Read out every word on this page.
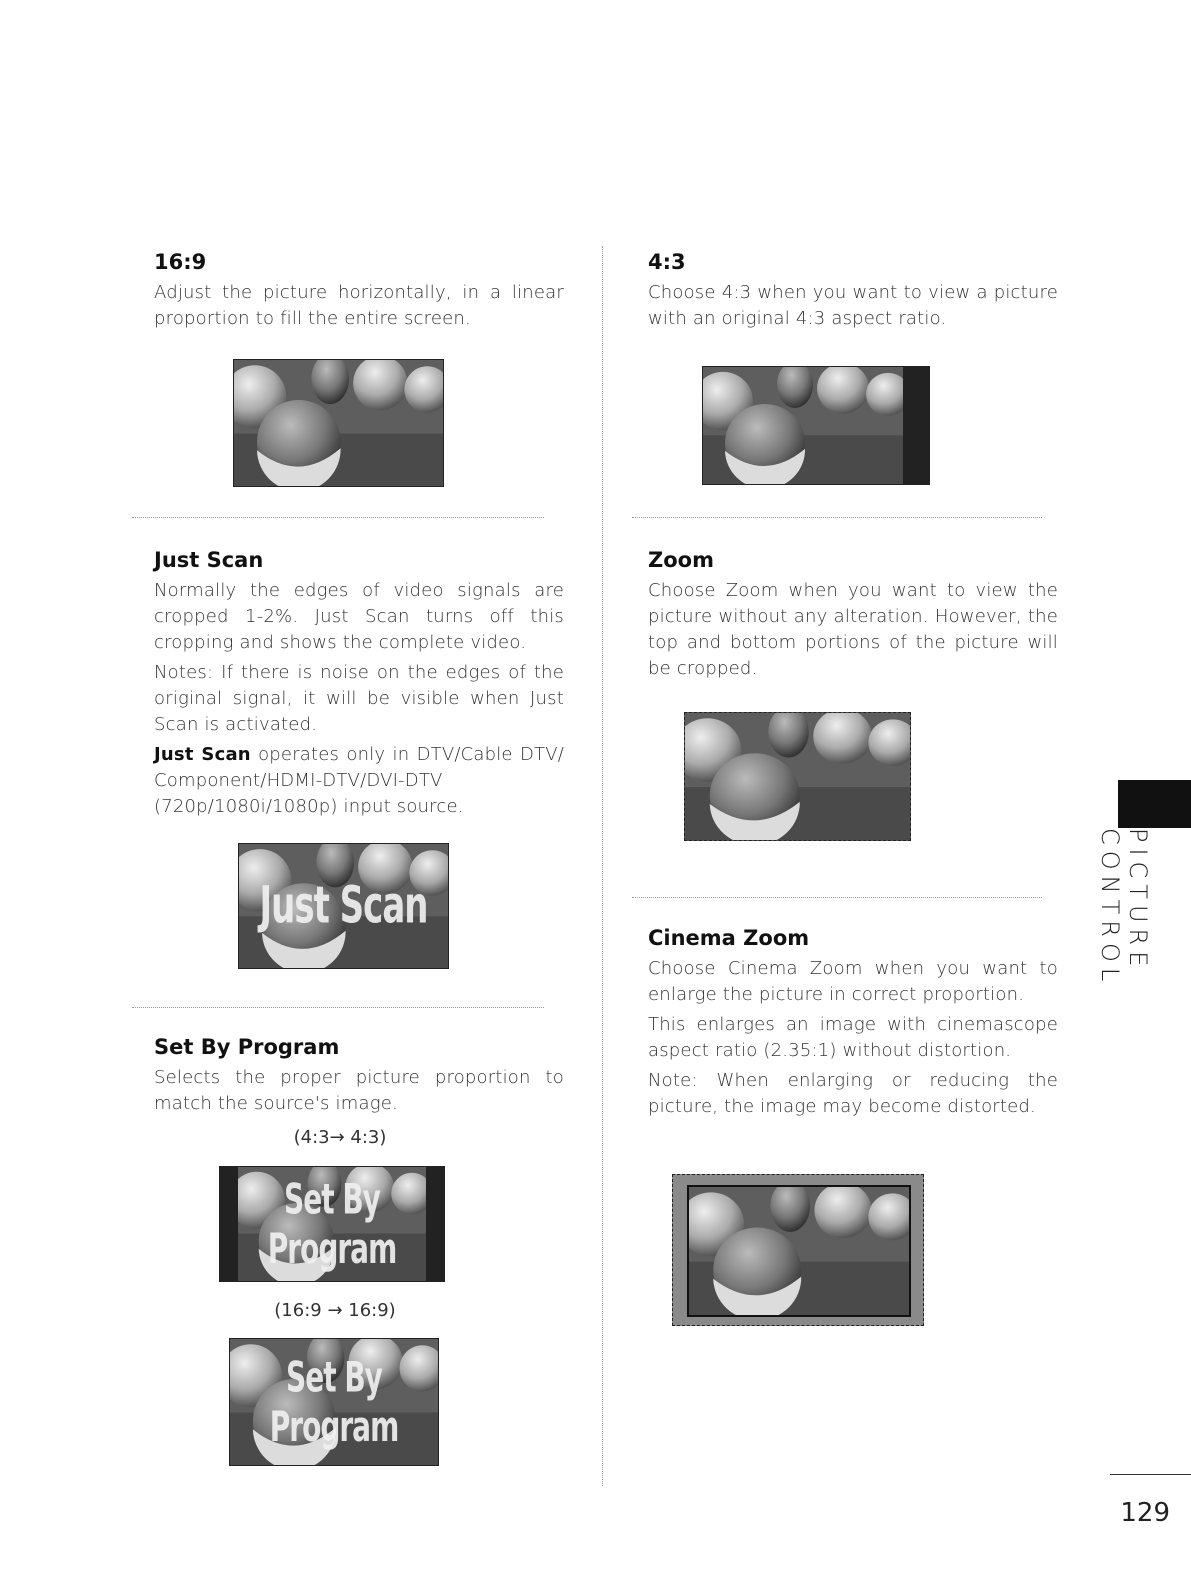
16:9

Adjust the picture horizontally, in a linear proportion to fill the entire screen.

Just Scan

Normally the edges of video signals are cropped 1-2%. Just Scan turns off this cropping and shows the complete video.

Notes: If there is noise on the edges of the original signal, it will be visible when Just Scan is activated.

Just Scan operates only in DTV/Cable DTV/ Component/HDMI-DTV/DVI-DTV (720p/1080i/1080p) input source.

Just Scan
Set By Program

Selects the proper picture proportion to match the source's image.

(4:3→ 4:3)
Set By Program
(16:9 → 16:9)
Set By Program
4:3

Choose 4:3 when you want to view a picture with an original 4:3 aspect ratio.

Zoom

Choose Zoom when you want to view the picture without any alteration. However, the top and bottom portions of the picture will be cropped.

Cinema Zoom

Choose Cinema Zoom when you want to enlarge the picture in correct proportion.

This enlarges an image with cinemascope aspect ratio (2.35:1) without distortion.

Note: When enlarging or reducing the picture, the image may become distorted.

PICTURE CONTROL
129
